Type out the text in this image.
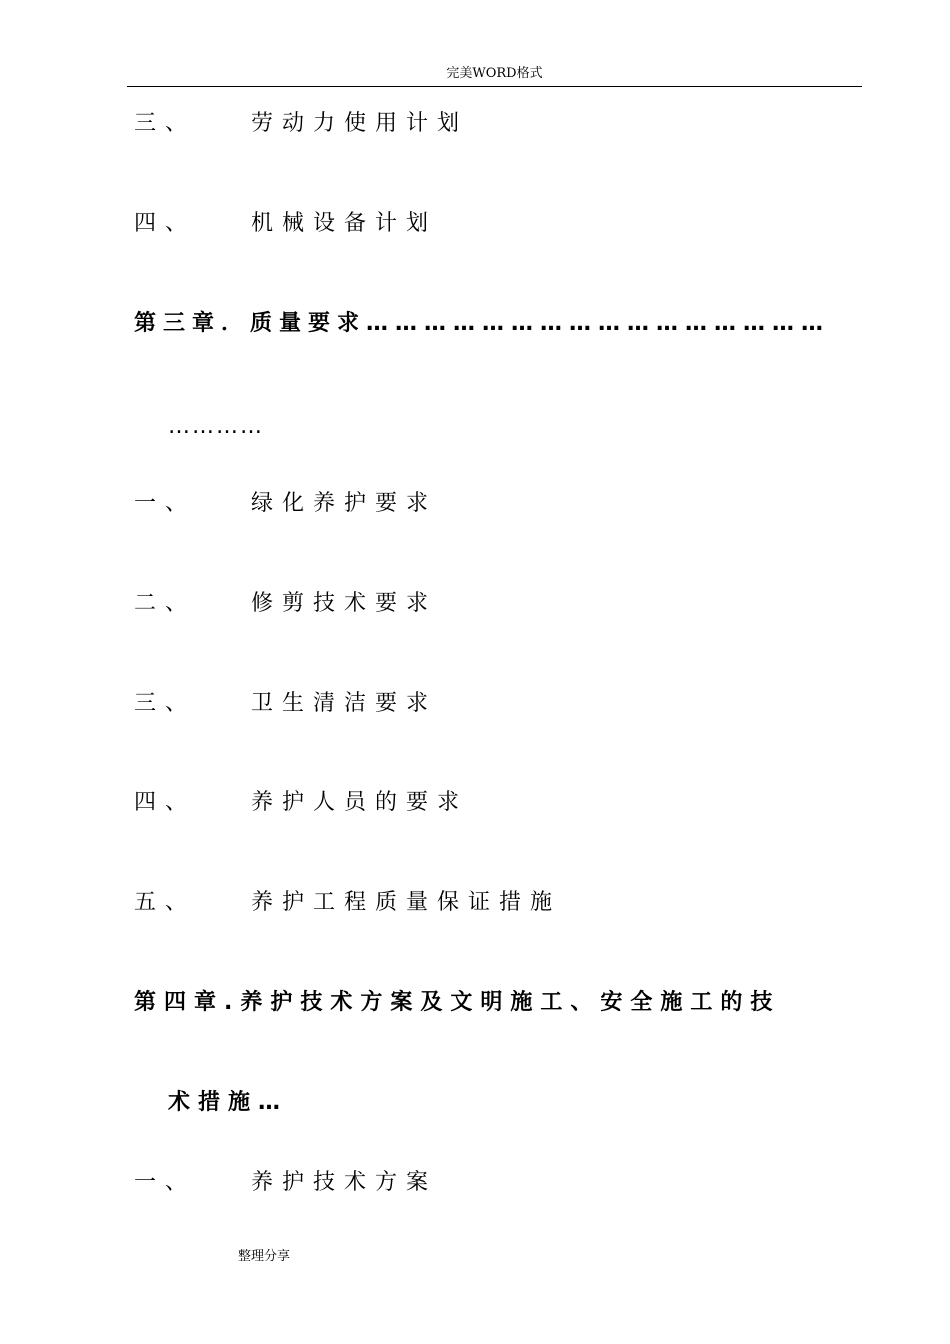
完美WORD格式
三、 劳动力使用计划
四、 机械设备计划
第三章．质量要求…………………………………………
…………
一、 绿化养护要求
二、 修剪技术要求
三、 卫生清洁要求
四、 养护人员的要求
五、 养护工程质量保证措施
第四章.养护技术方案及文明施工、安全施工的技
术措施…
一、 养护技术方案
整理分享
